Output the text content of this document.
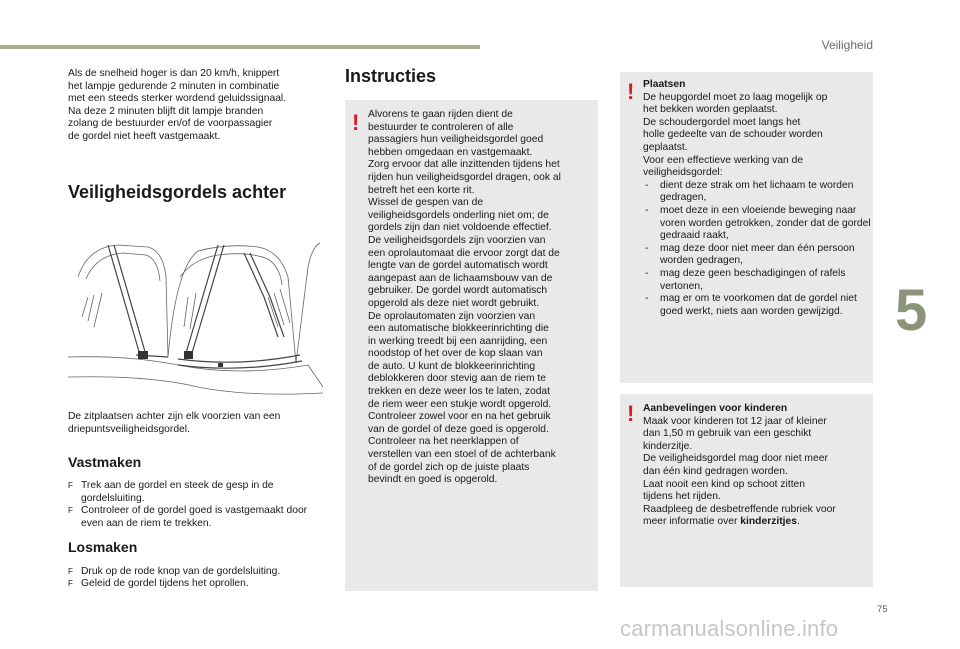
Veiligheid
5
Als de snelheid hoger is dan 20 km/h, knippert
het lampje gedurende 2 minuten in combinatie
met een steeds sterker wordend geluidssignaal.
Na deze 2 minuten blijft dit lampje branden
zolang de bestuurder en/of de voorpassagier
de gordel niet heeft vastgemaakt.
Veiligheidsgordels achter
De zitplaatsen achter zijn elk voorzien van een
driepuntsveiligheidsgordel.
Vastmaken
F Trek aan de gordel en steek de gesp in de gordelsluiting.
F Controleer of de gordel goed is vastgemaakt door even aan de riem te trekken.
Losmaken
F Druk op de rode knop van de gordelsluiting.
F Geleid de gordel tijdens het oprollen.
Instructies
! Alvorens te gaan rijden dient de
bestuurder te controleren of alle
passagiers hun veiligheidsgordel goed
hebben omgedaan en vastgemaakt.
Zorg ervoor dat alle inzittenden tijdens het
rijden hun veiligheidsgordel dragen, ook al
betreft het een korte rit.
Wissel de gespen van de
veiligheidsgordels onderling niet om; de
gordels zijn dan niet voldoende effectief.
De veiligheidsgordels zijn voorzien van
een oprolautomaat die ervoor zorgt dat de
lengte van de gordel automatisch wordt
aangepast aan de lichaamsbouw van de
gebruiker. De gordel wordt automatisch
opgerold als deze niet wordt gebruikt.
De oprolautomaten zijn voorzien van
een automatische blokkeerinrichting die
in werking treedt bij een aanrijding, een
noodstop of het over de kop slaan van
de auto. U kunt de blokkeerinrichting
deblokkeren door stevig aan de riem te
trekken en deze weer los te laten, zodat
de riem weer een stukje wordt opgerold.
Controleer zowel voor en na het gebruik
van de gordel of deze goed is opgerold.
Controleer na het neerklappen of
verstellen van een stoel of de achterbank
of de gordel zich op de juiste plaats
bevindt en goed is opgerold.
! Plaatsen
De heupgordel moet zo laag mogelijk op
het bekken worden geplaatst.
De schoudergordel moet langs het
holle gedeelte van de schouder worden
geplaatst.
Voor een effectieve werking van de
veiligheidsgordel:
-	dient deze strak om het lichaam te worden gedragen,
-	moet deze in een vloeiende beweging naar voren worden getrokken, zonder dat de gordel gedraaid raakt,
-	mag deze door niet meer dan één persoon worden gedragen,
-	mag deze geen beschadigingen of rafels vertonen,
-	mag er om te voorkomen dat de gordel niet goed werkt, niets aan worden gewijzigd.
! Aanbevelingen voor kinderen
Maak voor kinderen tot 12 jaar of kleiner
dan 1,50 m gebruik van een geschikt
kinderzitje.
De veiligheidsgordel mag door niet meer
dan één kind gedragen worden.
Laat nooit een kind op schoot zitten
tijdens het rijden.
Raadpleeg de desbetreffende rubriek voor
meer informatie over kinderzitjes.
75
carmanualsonline.info
